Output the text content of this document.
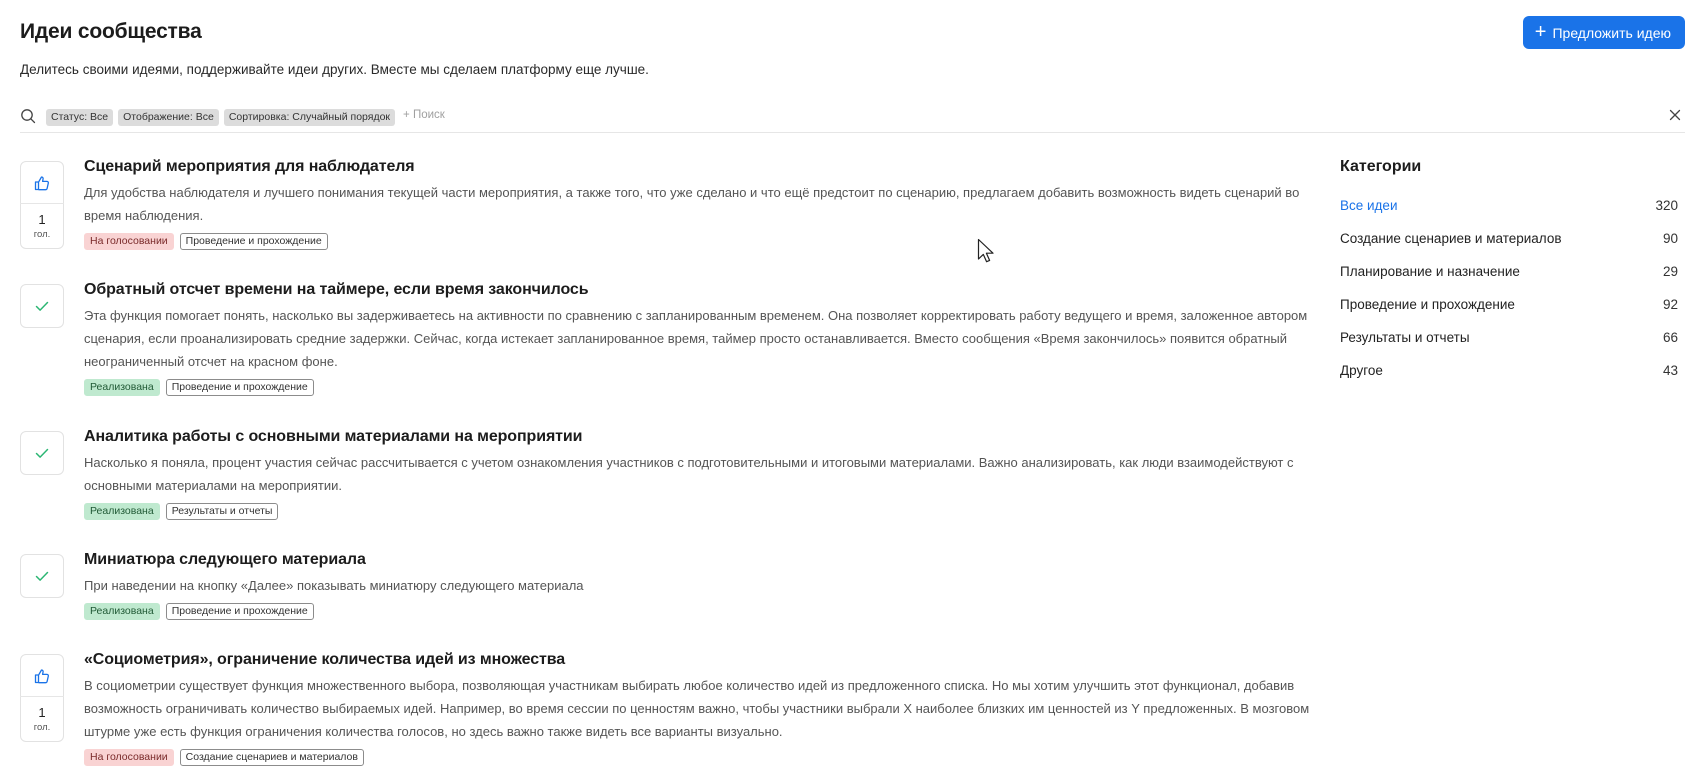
Идеи сообщества	+ Предложить идею
Делитесь своими идеями, поддерживайте идеи других. Вместе мы сделаем платформу еще лучше.
Статус: Все	Отображение: Все	Сортировка: Случайный порядок
+ Поиск
1
гол.
Сценарий мероприятия для наблюдателя
Для удобства наблюдателя и лучшего понимания текущей части мероприятия, а также того, что уже сделано и что ещё предстоит по сценарию, предлагаем добавить возможность видеть сценарий во время наблюдения.
На голосовании	Проведение и прохождение
Обратный отсчет времени на таймере, если время закончилось
Эта функция помогает понять, насколько вы задерживаетесь на активности по сравнению с запланированным временем. Она позволяет корректировать работу ведущего и время, заложенное автором сценария, если проанализировать средние задержки. Сейчас, когда истекает запланированное время, таймер просто останавливается. Вместо сообщения «Время закончилось» появится обратный неограниченный отсчет на красном фоне.
Реализована	Проведение и прохождение
Аналитика работы с основными материалами на мероприятии
Насколько я поняла, процент участия сейчас рассчитывается с учетом ознакомления участников с подготовительными и итоговыми материалами. Важно анализировать, как люди взаимодействуют с основными материалами на мероприятии.
Реализована	Результаты и отчеты
Миниатюра следующего материала
При наведении на кнопку «Далее» показывать миниатюру следующего материала
Реализована	Проведение и прохождение
1
гол.
«Социометрия», ограничение количества идей из множества
В социометрии существует функция множественного выбора, позволяющая участникам выбирать любое количество идей из предложенного списка. Но мы хотим улучшить этот функционал, добавив возможность ограничивать количество выбираемых идей. Например, во время сессии по ценностям важно, чтобы участники выбрали X наиболее близких им ценностей из Y предложенных. В мозговом штурме уже есть функция ограничения количества голосов, но здесь важно также видеть все варианты визуально.
На голосовании	Создание сценариев и материалов
Категории
Все идеи	320
Создание сценариев и материалов	90
Планирование и назначение	29
Проведение и прохождение	92
Результаты и отчеты	66
Другое	43
